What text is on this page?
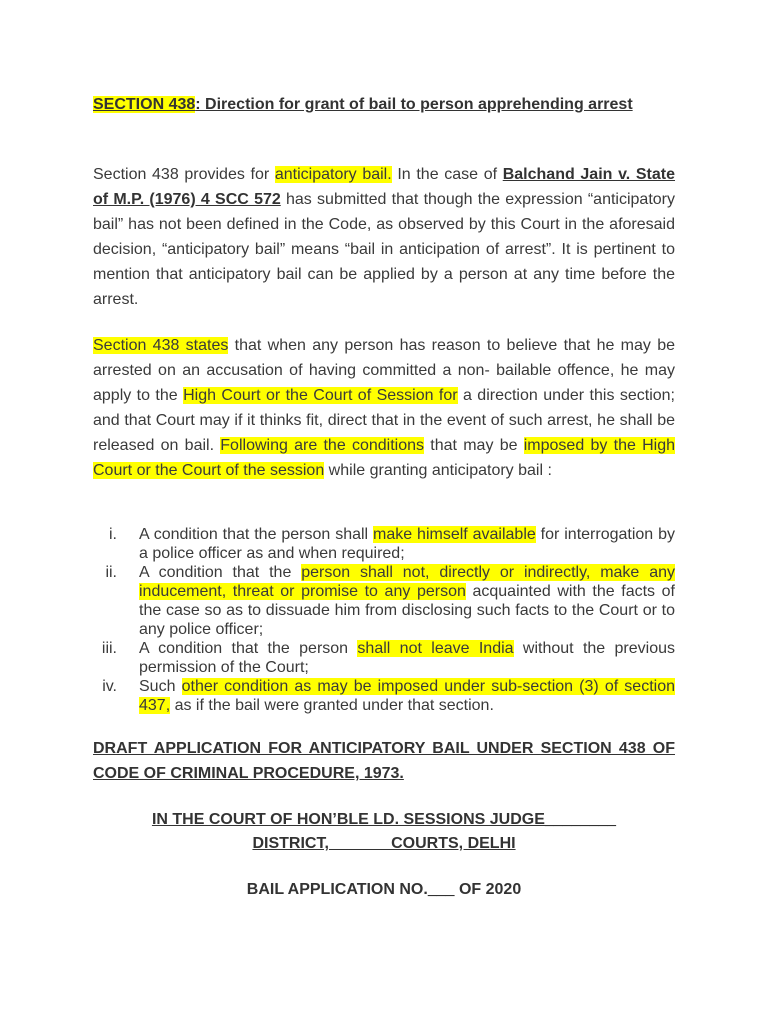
SECTION 438: Direction for grant of bail to person apprehending arrest
Section 438 provides for anticipatory bail. In the case of Balchand Jain v. State of M.P. (1976) 4 SCC 572 has submitted that though the expression “anticipatory bail” has not been defined in the Code, as observed by this Court in the aforesaid decision, “anticipatory bail” means “bail in anticipation of arrest”. It is pertinent to mention that anticipatory bail can be applied by a person at any time before the arrest.
Section 438 states that when any person has reason to believe that he may be arrested on an accusation of having committed a non- bailable offence, he may apply to the High Court or the Court of Session for a direction under this section; and that Court may if it thinks fit, direct that in the event of such arrest, he shall be released on bail. Following are the conditions that may be imposed by the High Court or the Court of the session while granting anticipatory bail :
i. A condition that the person shall make himself available for interrogation by a police officer as and when required;
ii. A condition that the person shall not, directly or indirectly, make any inducement, threat or promise to any person acquainted with the facts of the case so as to dissuade him from disclosing such facts to the Court or to any police officer;
iii. A condition that the person shall not leave India without the previous permission of the Court;
iv. Such other condition as may be imposed under sub-section (3) of section 437, as if the bail were granted under that section.
DRAFT APPLICATION FOR ANTICIPATORY BAIL UNDER SECTION 438 OF CODE OF CRIMINAL PROCEDURE, 1973.
IN THE COURT OF HON’BLE LD. SESSIONS JUDGE________
DISTRICT,              COURTS, DELHI
BAIL APPLICATION NO.___ OF 2020
